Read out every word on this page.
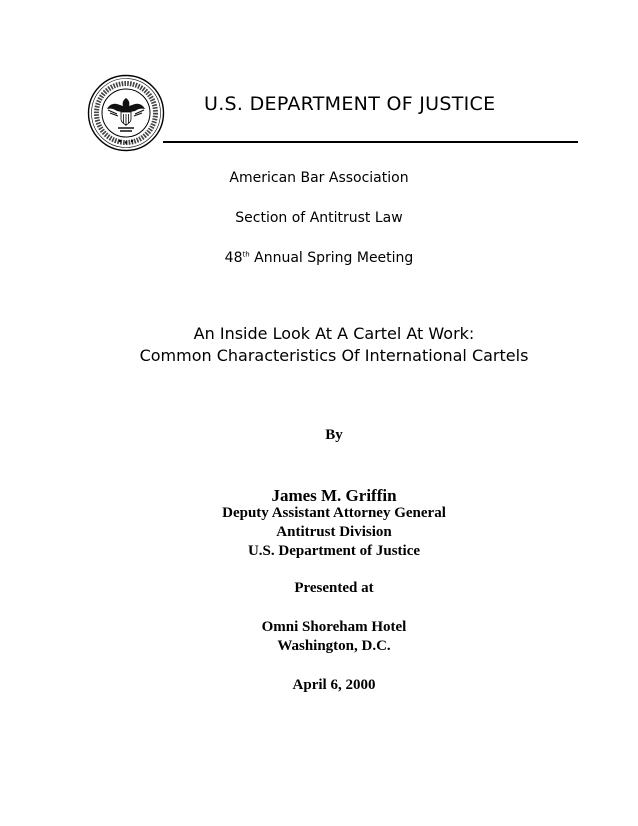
U.S. DEPARTMENT OF JUSTICE
American Bar Association
Section of Antitrust Law
48th Annual Spring Meeting
An Inside Look At A Cartel At Work:
Common Characteristics Of International Cartels
By
James M. Griffin
Deputy Assistant Attorney General
Antitrust Division
U.S. Department of Justice
Presented at
Omni Shoreham Hotel
Washington, D.C.
April 6, 2000
